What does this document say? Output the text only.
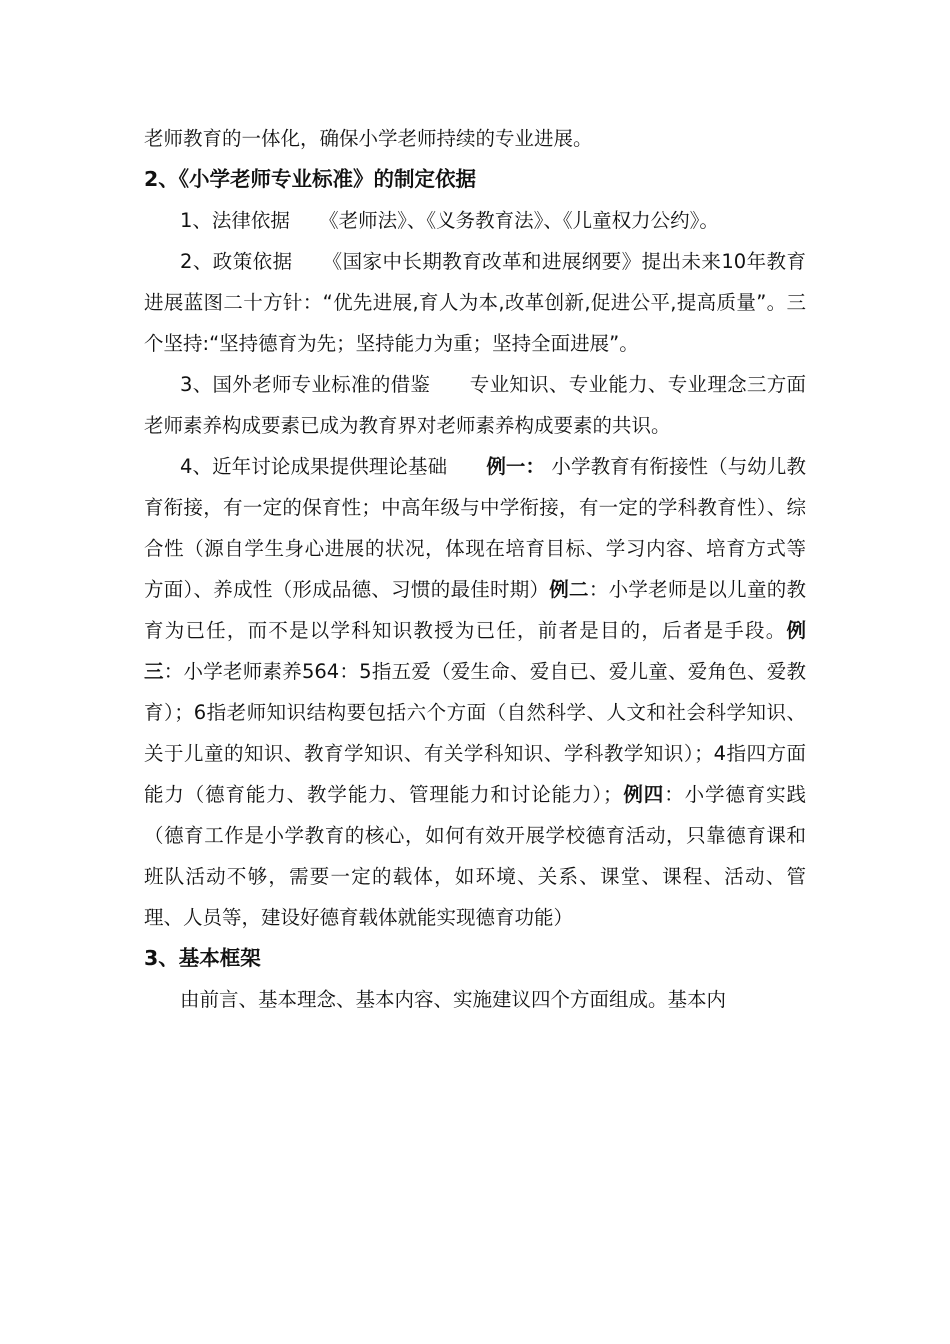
老师教育的一体化，确保小学老师持续的专业进展。

2、《小学老师专业标准》的制定依据

1、法律依据　　《老师法》、《义务教育法》、《儿童权力公约》。

2、政策依据　　《国家中长期教育改革和进展纲要》提出未来10年教育进展蓝图二十方针：“优先进展,育人为本,改革创新,促进公平,提高质量”。三个坚持:“坚持德育为先；坚持能力为重；坚持全面进展”。

3、国外老师专业标准的借鉴　　专业知识、专业能力、专业理念三方面老师素养构成要素已成为教育界对老师素养构成要素的共识。

4、近年讨论成果提供理论基础　　例一： 小学教育有衔接性（与幼儿教育衔接，有一定的保育性；中高年级与中学衔接，有一定的学科教育性）、综合性（源自学生身心进展的状况，体现在培育目标、学习内容、培育方式等方面）、养成性（形成品德、习惯的最佳时期）例二：小学老师是以儿童的教育为已任，而不是以学科知识教授为已任，前者是目的，后者是手段。例三：小学老师素养564：5指五爱（爱生命、爱自已、爱儿童、爱角色、爱教育）；6指老师知识结构要包括六个方面（自然科学、人文和社会科学知识、关于儿童的知识、教育学知识、有关学科知识、学科教学知识）；4指四方面能力（德育能力、教学能力、管理能力和讨论能力）；例四：小学德育实践（德育工作是小学教育的核心，如何有效开展学校德育活动，只靠德育课和班队活动不够，需要一定的载体，如环境、关系、课堂、课程、活动、管理、人员等，建设好德育载体就能实现德育功能）

3、基本框架

由前言、基本理念、基本内容、实施建议四个方面组成。基本内
